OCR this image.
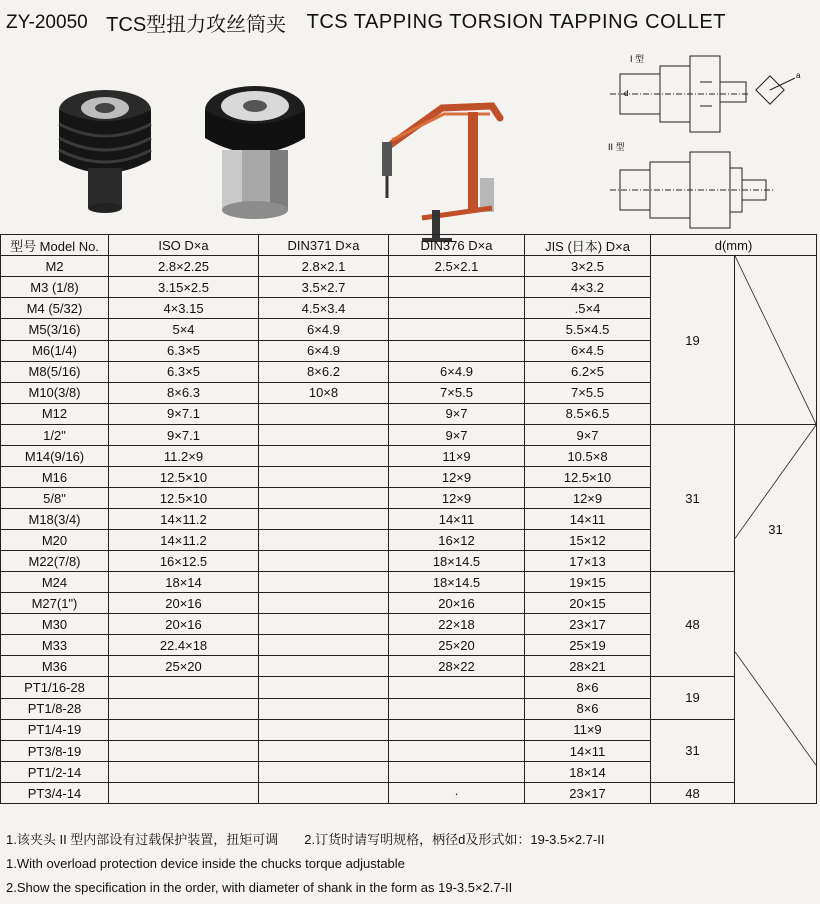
ZY-20050 TCS型扭力攻丝筒夹 TCS TAPPING TORSION TAPPING COLLET
I 型
d
a
II 型
型号 Model No.	ISO D×a	DIN371 D×a	DIN376 D×a	JIS (日本) D×a	d(mm)	
M2	2.8×2.25	2.8×2.1	2.5×2.1	3×2.5	19	

M3 (1/8)	3.15×2.5	3.5×2.7		4×3.2		
M4 (5/32)	4×3.15	4.5×3.4		.5×4		
M5(3/16)	5×4	6×4.9		5.5×4.5		
M6(1/4)	6.3×5	6×4.9		6×4.5		
M8(5/16)	6.3×5	8×6.2	6×4.9	6.2×5		
M10(3/8)	8×6.3	10×8	7×5.5	7×5.5		
M12	9×7.1		9×7	8.5×6.5		
1/2"	9×7.1		9×7	9×7	31	31

M14(9/16)	11.2×9		11×9	10.5×8		
M16	12.5×10		12×9	12.5×10		
5/8"	12.5×10		12×9	12×9		
M18(3/4)	14×11.2		14×11	14×11		
M20	14×11.2		16×12	15×12		
M22(7/8)	16×12.5		18×14.5	17×13		
M24	18×14		18×14.5	19×15	48	
M27(1")	20×16		20×16	20×15		
M30	20×16		22×18	23×17		
M33	22.4×18		25×20	25×19		
M36	25×20		28×22	28×21		
PT1/16-28				8×6	19	
PT1/8-28				8×6		
PT1/4-19				11×9	31	
PT3/8-19				14×11		
PT1/2-14				18×14		
PT3/4-14			·	23×17	48	
1.该夹头 II 型内部设有过载保护装置，扭矩可调　　2.订货时请写明规格，柄径d及形式如：19-3.5×2.7-II
1.With overload protection device inside the chucks torque adjustable
2.Show the specification in the order, with diameter of shank in the form as 19-3.5×2.7-II
